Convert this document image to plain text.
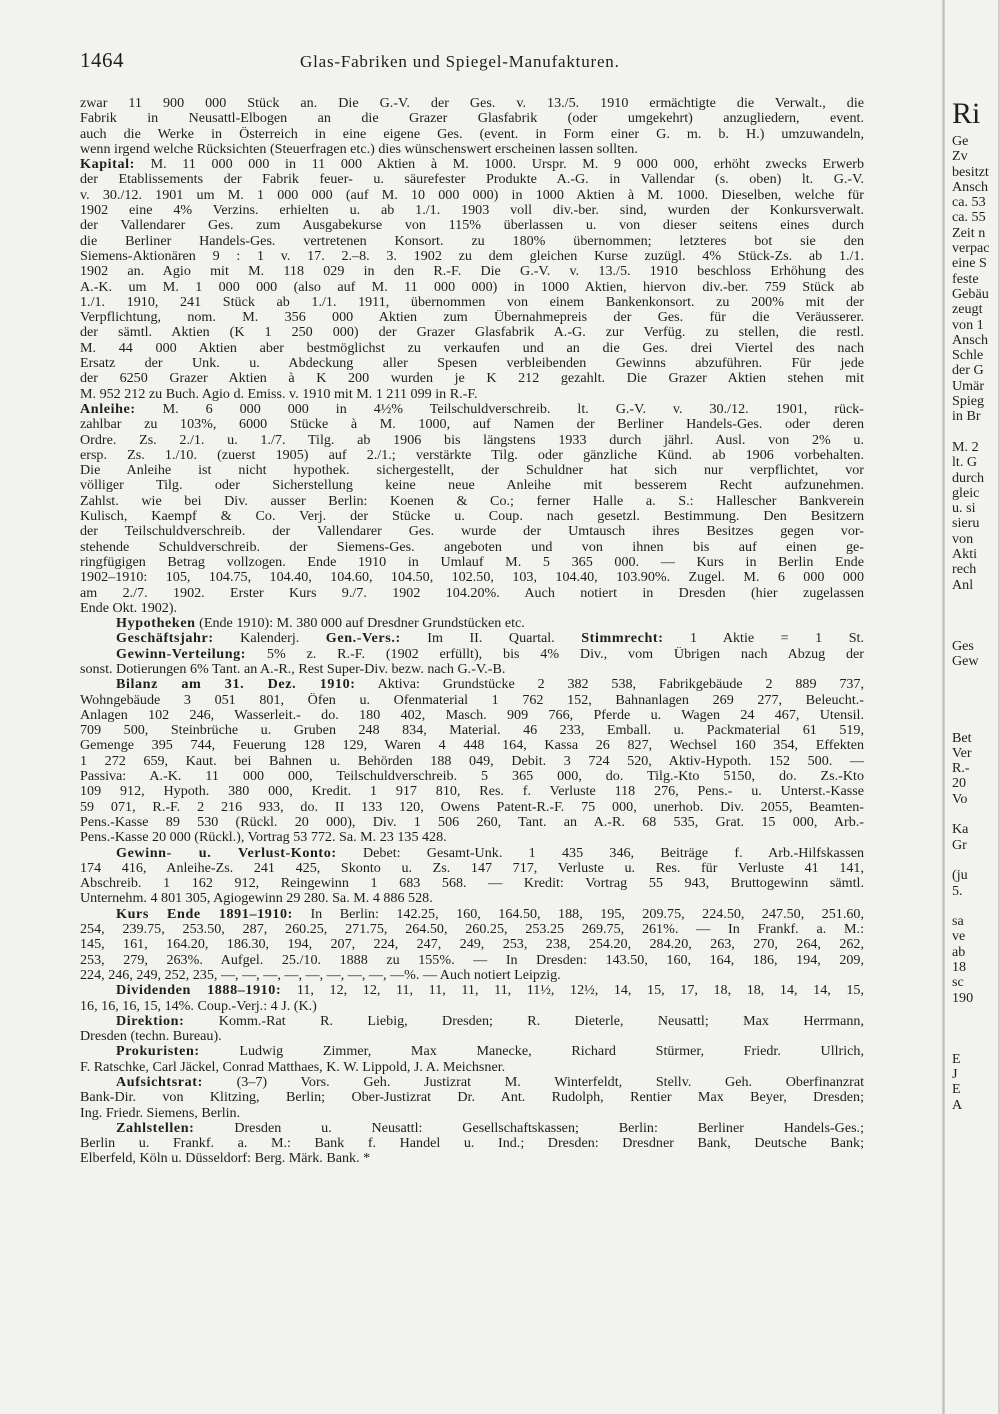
1464	Glas-Fabriken und Spiegel-Manufakturen.
zwar 11 900 000 Stück an. Die G.-V. der Ges. v. 13./5. 1910 ermächtigte die Verwalt., die
Fabrik in Neusattl-Elbogen an die Grazer Glasfabrik (oder umgekehrt) anzugliedern, event.
auch die Werke in Österreich in eine eigene Ges. (event. in Form einer G. m. b. H.) umzuwandeln,
wenn irgend welche Rücksichten (Steuerfragen etc.) dies wünschenswert erscheinen lassen sollten.
Kapital: M. 11 000 000 in 11 000 Aktien à M. 1000. Urspr. M. 9 000 000, erhöht zwecks Erwerb
der Etablissements der Fabrik feuer- u. säurefester Produkte A.-G. in Vallendar (s. oben) lt. G.-V.
v. 30./12. 1901 um M. 1 000 000 (auf M. 10 000 000) in 1000 Aktien à M. 1000. Dieselben, welche für
1902 eine 4% Verzins. erhielten u. ab 1./1. 1903 voll div.-ber. sind, wurden der Konkursverwalt.
der Vallendarer Ges. zum Ausgabekurse von 115% überlassen u. von dieser seitens eines durch
die Berliner Handels-Ges. vertretenen Konsort. zu 180% übernommen; letzteres bot sie den
Siemens-Aktionären 9 : 1 v. 17. 2.–8. 3. 1902 zu dem gleichen Kurse zuzügl. 4% Stück-Zs. ab 1./1.
1902 an. Agio mit M. 118 029 in den R.-F. Die G.-V. v. 13./5. 1910 beschloss Erhöhung des
A.-K. um M. 1 000 000 (also auf M. 11 000 000) in 1000 Aktien, hiervon div.-ber. 759 Stück ab
1./1. 1910, 241 Stück ab 1./1. 1911, übernommen von einem Bankenkonsort. zu 200% mit der
Verpflichtung, nom. M. 356 000 Aktien zum Übernahmepreis der Ges. für die Veräusserer.
der sämtl. Aktien (K 1 250 000) der Grazer Glasfabrik A.-G. zur Verfüg. zu stellen, die restl.
M. 44 000 Aktien aber bestmöglichst zu verkaufen und an die Ges. drei Viertel des nach
Ersatz der Unk. u. Abdeckung aller Spesen verbleibenden Gewinns abzuführen. Für jede
der 6250 Grazer Aktien à K 200 wurden je K 212 gezahlt. Die Grazer Aktien stehen mit
M. 952 212 zu Buch. Agio d. Emiss. v. 1910 mit M. 1 211 099 in R.-F.
Anleihe: M. 6 000 000 in 4½% Teilschuldverschreib. lt. G.-V. v. 30./12. 1901, rück-
zahlbar zu 103%, 6000 Stücke à M. 1000, auf Namen der Berliner Handels-Ges. oder deren
Ordre. Zs. 2./1. u. 1./7. Tilg. ab 1906 bis längstens 1933 durch jährl. Ausl. von 2% u.
ersp. Zs. 1./10. (zuerst 1905) auf 2./1.; verstärkte Tilg. oder gänzliche Künd. ab 1906 vorbehalten.
Die Anleihe ist nicht hypothek. sichergestellt, der Schuldner hat sich nur verpflichtet, vor
völliger Tilg. oder Sicherstellung keine neue Anleihe mit besserem Recht aufzunehmen.
Zahlst. wie bei Div. ausser Berlin: Koenen & Co.; ferner Halle a. S.: Hallescher Bankverein
Kulisch, Kaempf & Co. Verj. der Stücke u. Coup. nach gesetzl. Bestimmung. Den Besitzern
der Teilschuldverschreib. der Vallendarer Ges. wurde der Umtausch ihres Besitzes gegen vor-
stehende Schuldverschreib. der Siemens-Ges. angeboten und von ihnen bis auf einen ge-
ringfügigen Betrag vollzogen. Ende 1910 in Umlauf M. 5 365 000. — Kurs in Berlin Ende
1902–1910: 105, 104.75, 104.40, 104.60, 104.50, 102.50, 103, 104.40, 103.90%. Zugel. M. 6 000 000
am 2./7. 1902. Erster Kurs 9./7. 1902 104.20%. Auch notiert in Dresden (hier zugelassen
Ende Okt. 1902).
Hypotheken (Ende 1910): M. 380 000 auf Dresdner Grundstücken etc.
Geschäftsjahr: Kalenderj. Gen.-Vers.: Im II. Quartal. Stimmrecht: 1 Aktie = 1 St.
Gewinn-Verteilung: 5% z. R.-F. (1902 erfüllt), bis 4% Div., vom Übrigen nach Abzug der
sonst. Dotierungen 6% Tant. an A.-R., Rest Super-Div. bezw. nach G.-V.-B.
Bilanz am 31. Dez. 1910: Aktiva: Grundstücke 2 382 538, Fabrikgebäude 2 889 737,
Wohngebäude 3 051 801, Öfen u. Ofenmaterial 1 762 152, Bahnanlagen 269 277, Beleucht.-
Anlagen 102 246, Wasserleit.- do. 180 402, Masch. 909 766, Pferde u. Wagen 24 467, Utensil.
709 500, Steinbrüche u. Gruben 248 834, Material. 46 233, Emball. u. Packmaterial 61 519,
Gemenge 395 744, Feuerung 128 129, Waren 4 448 164, Kassa 26 827, Wechsel 160 354, Effekten
1 272 659, Kaut. bei Bahnen u. Behörden 188 049, Debit. 3 724 520, Aktiv-Hypoth. 152 500. —
Passiva: A.-K. 11 000 000, Teilschuldverschreib. 5 365 000, do. Tilg.-Kto 5150, do. Zs.-Kto
109 912, Hypoth. 380 000, Kredit. 1 917 810, Res. f. Verluste 118 276, Pens.- u. Unterst.-Kasse
59 071, R.-F. 2 216 933, do. II 133 120, Owens Patent-R.-F. 75 000, unerhob. Div. 2055, Beamten-
Pens.-Kasse 89 530 (Rückl. 20 000), Div. 1 506 260, Tant. an A.-R. 68 535, Grat. 15 000, Arb.-
Pens.-Kasse 20 000 (Rückl.), Vortrag 53 772. Sa. M. 23 135 428.
Gewinn- u. Verlust-Konto: Debet: Gesamt-Unk. 1 435 346, Beiträge f. Arb.-Hilfskassen
174 416, Anleihe-Zs. 241 425, Skonto u. Zs. 147 717, Verluste u. Res. für Verluste 41 141,
Abschreib. 1 162 912, Reingewinn 1 683 568. — Kredit: Vortrag 55 943, Bruttogewinn sämtl.
Unternehm. 4 801 305, Agiogewinn 29 280. Sa. M. 4 886 528.
Kurs Ende 1891–1910: In Berlin: 142.25, 160, 164.50, 188, 195, 209.75, 224.50, 247.50, 251.60,
254, 239.75, 253.50, 287, 260.25, 271.75, 264.50, 260.25, 253.25 269.75, 261%. — In Frankf. a. M.:
145, 161, 164.20, 186.30, 194, 207, 224, 247, 249, 253, 238, 254.20, 284.20, 263, 270, 264, 262,
253, 279, 263%. Aufgel. 25./10. 1888 zu 155%. — In Dresden: 143.50, 160, 164, 186, 194, 209,
224, 246, 249, 252, 235, —, —, —, —, —, —, —, —, —%. — Auch notiert Leipzig.
Dividenden 1888–1910: 11, 12, 12, 11, 11, 11, 11, 11½, 12½, 14, 15, 17, 18, 18, 14, 14, 15,
16, 16, 16, 15, 14%. Coup.-Verj.: 4 J. (K.)
Direktion: Komm.-Rat R. Liebig, Dresden; R. Dieterle, Neusattl; Max Herrmann,
Dresden (techn. Bureau).
Prokuristen: Ludwig Zimmer, Max Manecke, Richard Stürmer, Friedr. Ullrich,
F. Ratschke, Carl Jäckel, Conrad Matthaes, K. W. Lippold, J. A. Meichsner.
Aufsichtsrat: (3–7) Vors. Geh. Justizrat M. Winterfeldt, Stellv. Geh. Oberfinanzrat
Bank-Dir. von Klitzing, Berlin; Ober-Justizrat Dr. Ant. Rudolph, Rentier Max Beyer, Dresden;
Ing. Friedr. Siemens, Berlin.
Zahlstellen: Dresden u. Neusattl: Gesellschaftskassen; Berlin: Berliner Handels-Ges.;
Berlin u. Frankf. a. M.: Bank f. Handel u. Ind.; Dresden: Dresdner Bank, Deutsche Bank;
Elberfeld, Köln u. Düsseldorf: Berg. Märk. Bank. *
Ri
Ge
Zv
besitzt
Ansch
ca. 53
ca. 55
Zeit n
verpac
eine S
feste
Gebäu
zeugt
von 1
Ansch
Schle
der G
Umär
Spieg
in Br

M. 2
lt. G
durch
gleic
u. si
sieru
von
Akti
rech
Anl

Ges
Gew

Bet
Ver
R.-
20
Vo

Ka
Gr

(ju
5.

sa
ve
ab
18
sc
190

E
J
E
A
